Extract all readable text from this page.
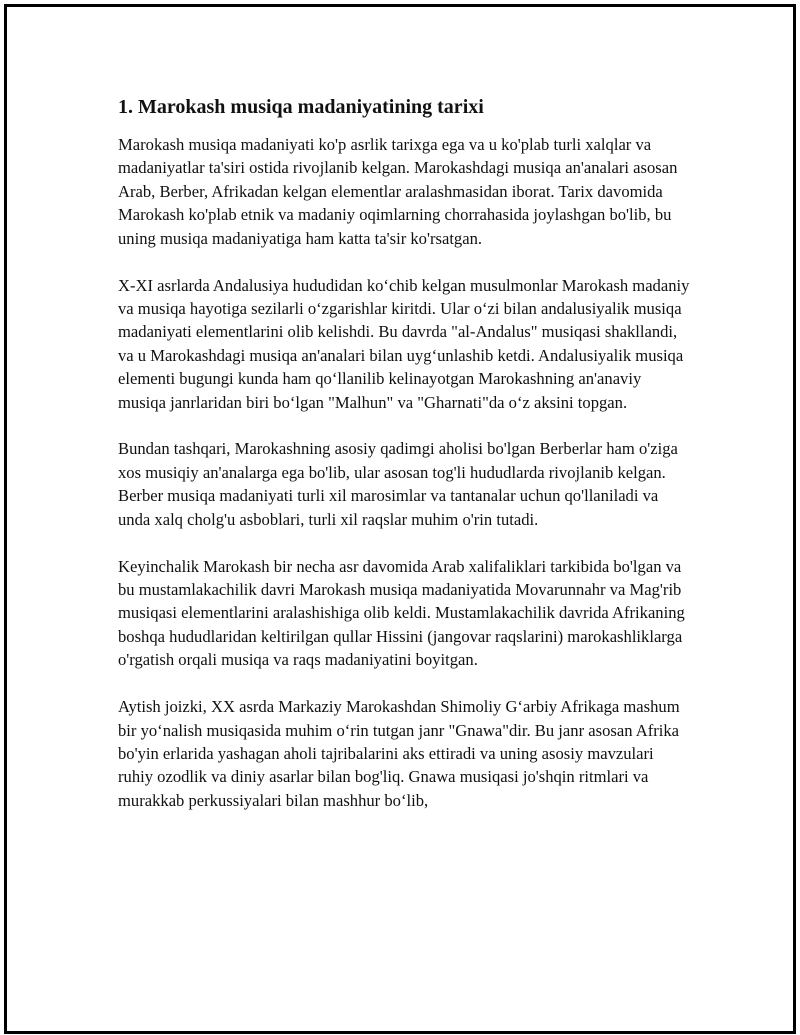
1. Marokash musiqa madaniyatining tarixi

Marokash musiqa madaniyati ko'p asrlik tarixga ega va u ko'plab turli xalqlar va madaniyatlar ta'siri ostida rivojlanib kelgan. Marokashdagi musiqa an'analari asosan Arab, Berber, Afrikadan kelgan elementlar aralashmasidan iborat. Tarix davomida Marokash ko'plab etnik va madaniy oqimlarning chorrahasida joylashgan bo'lib, bu uning musiqa madaniyatiga ham katta ta'sir ko'rsatgan.

X-XI asrlarda Andalusiya hududidan ko‘chib kelgan musulmonlar Marokash madaniy va musiqa hayotiga sezilarli o‘zgarishlar kiritdi. Ular o‘zi bilan andalusiyalik musiqa madaniyati elementlarini olib kelishdi. Bu davrda "al-Andalus" musiqasi shakllandi, va u Marokashdagi musiqa an'analari bilan uyg‘unlashib ketdi. Andalusiyalik musiqa elementi bugungi kunda ham qo‘llanilib kelinayotgan Marokashning an'anaviy musiqa janrlaridan biri bo‘lgan "Malhun" va "Gharnati"da o‘z aksini topgan.

Bundan tashqari, Marokashning asosiy qadimgi aholisi bo'lgan Berberlar ham o'ziga xos musiqiy an'analarga ega bo'lib, ular asosan tog'li hududlarda rivojlanib kelgan. Berber musiqa madaniyati turli xil marosimlar va tantanalar uchun qo'llaniladi va unda xalq cholg'u asboblari, turli xil raqslar muhim o'rin tutadi.

Keyinchalik Marokash bir necha asr davomida Arab xalifaliklari tarkibida bo'lgan va bu mustamlakachilik davri Marokash musiqa madaniyatida Movarunnahr va Mag'rib musiqasi elementlarini aralashishiga olib keldi. Mustamlakachilik davrida Afrikaning boshqa hududlaridan keltirilgan qullar Hissini (jangovar raqslarini) marokashliklarga o'rgatish orqali musiqa va raqs madaniyatini boyitgan.

Aytish joizki, XX asrda Markaziy Marokashdan Shimoliy G‘arbiy Afrikaga mashum bir yo‘nalish musiqasida muhim o‘rin tutgan janr "Gnawa"dir. Bu janr asosan Afrika bo'yin erlarida yashagan aholi tajribalarini aks ettiradi va uning asosiy mavzulari ruhiy ozodlik va diniy asarlar bilan bog'liq. Gnawa musiqasi jo'shqin ritmlari va murakkab perkussiyalari bilan mashhur bo‘lib,
